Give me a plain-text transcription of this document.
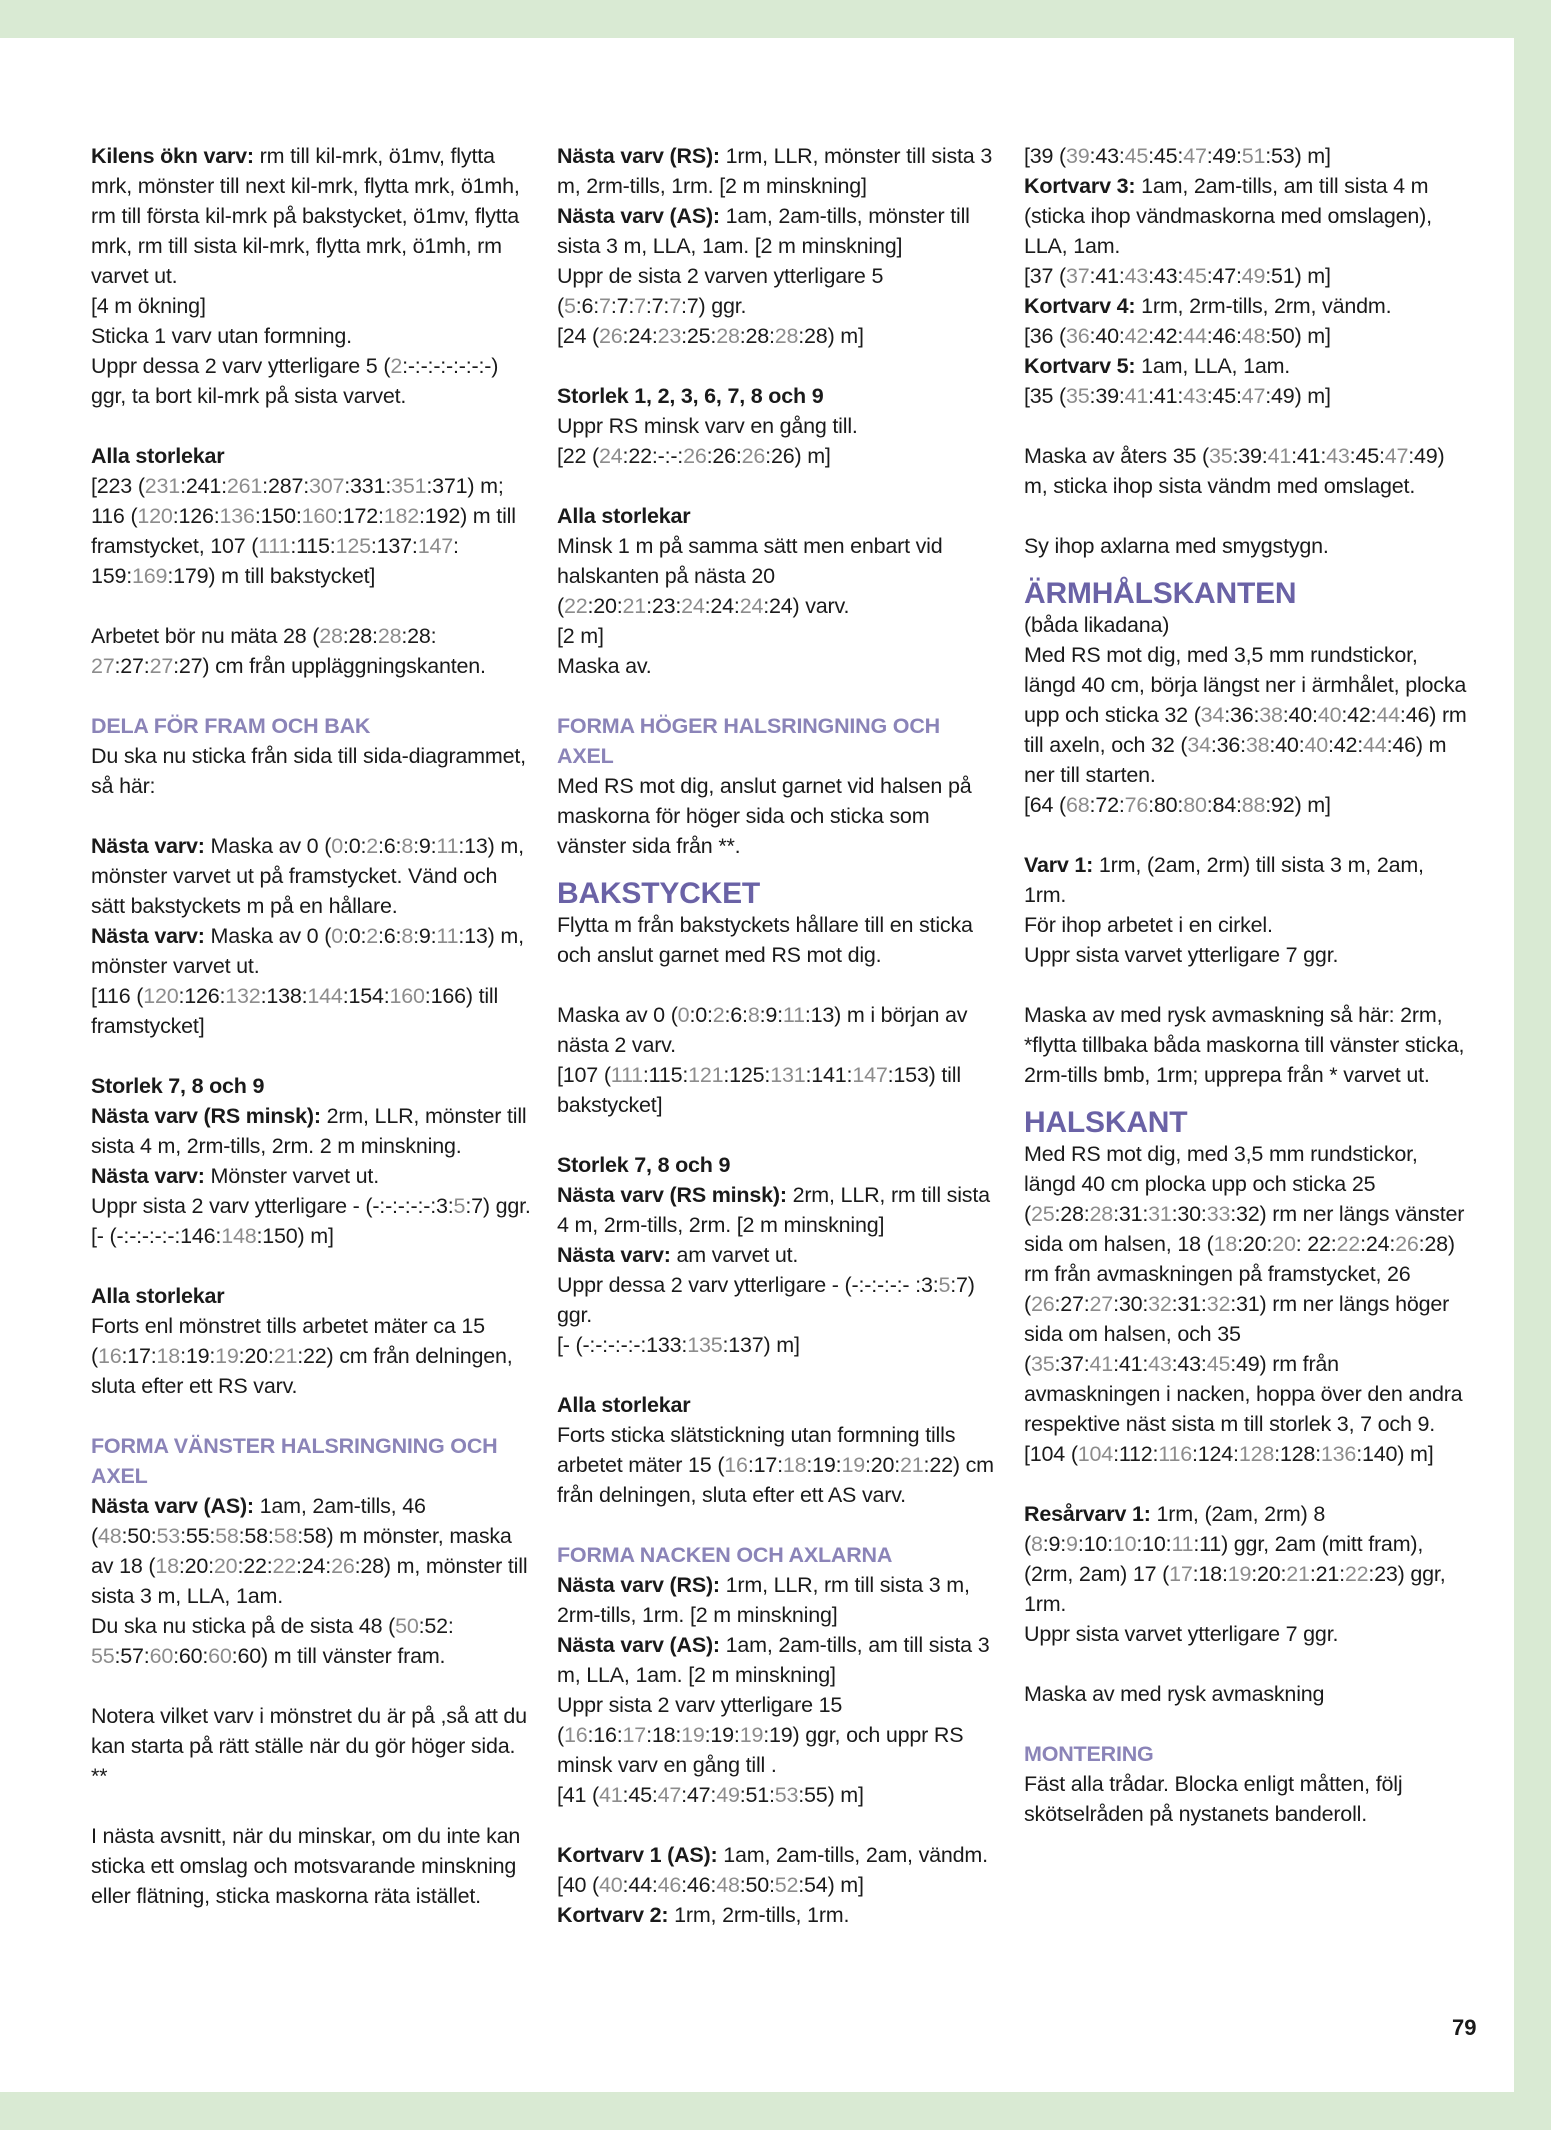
Kilens ökn varv: rm till kil-mrk, ö1mv, flytta mrk, mönster till next kil-mrk, flytta mrk, ö1mh, rm till första kil-mrk på bakstycket, ö1mv, flytta mrk, rm till sista kil-mrk, flytta mrk, ö1mh, rm varvet ut.
[4 m ökning]
Sticka 1 varv utan formning.
Uppr dessa 2 varv ytterligare 5 (2:-:-:-:-:-:-:-) ggr, ta bort kil-mrk på sista varvet.
Alla storlekar
[223 (231:241:261:287:307:331:351:371) m; 116 (120:126:136:150:160:172:182:192) m till framstycket, 107 (111:115:125:137:147: 159:169:179) m till bakstycket]
Arbetet bör nu mäta 28 (28:28:28:28: 27:27:27:27) cm från uppläggningskanten.
DELA FÖR FRAM OCH BAK
Du ska nu sticka från sida till sida-diagrammet, så här:
Nästa varv: Maska av 0 (0:0:2:6:8:9:11:13) m, mönster varvet ut på framstycket. Vänd och sätt bakstyckets m på en hållare.
Nästa varv: Maska av 0 (0:0:2:6:8:9:11:13) m, mönster varvet ut.
[116 (120:126:132:138:144:154:160:166) till framstycket]
Storlek 7, 8 och 9
Nästa varv (RS minsk): 2rm, LLR, mönster till sista 4 m, 2rm-tills, 2rm. 2 m minskning.
Nästa varv: Mönster varvet ut.
Uppr sista 2 varv ytterligare - (-:-:-:-:-:3:5:7) ggr.
[- (-:-:-:-:-:146:148:150) m]
Alla storlekar
Forts enl mönstret tills arbetet mäter ca 15 (16:17:18:19:19:20:21:22) cm från delningen, sluta efter ett RS varv.
FORMA VÄNSTER HALSRINGNING OCH AXEL
Nästa varv (AS): 1am, 2am-tills, 46 (48:50:53:55:58:58:58:58) m mönster, maska av 18 (18:20:20:22:22:24:26:28) m, mönster till sista 3 m, LLA, 1am.
Du ska nu sticka på de sista 48 (50:52: 55:57:60:60:60:60) m till vänster fram.
Notera vilket varv i mönstret du är på ,så att du kan starta på rätt ställe när du gör höger sida. **
I nästa avsnitt, när du minskar, om du inte kan sticka ett omslag och motsvarande minskning eller flätning, sticka maskorna räta istället.
Nästa varv (RS): 1rm, LLR, mönster till sista 3 m, 2rm-tills, 1rm. [2 m minskning]
Nästa varv (AS): 1am, 2am-tills, mönster till sista 3 m, LLA, 1am. [2 m minskning]
Uppr de sista 2 varven ytterligare 5 (5:6:7:7:7:7:7:7) ggr.
[24 (26:24:23:25:28:28:28:28) m]
Storlek 1, 2, 3, 6, 7, 8 och 9
Uppr RS minsk varv en gång till.
[22 (24:22:-:-:26:26:26:26) m]
Alla storlekar
Minsk 1 m på samma sätt men enbart vid halskanten på nästa 20 (22:20:21:23:24:24:24:24) varv.
[2 m]
Maska av.
FORMA HÖGER HALSRINGNING OCH AXEL
Med RS mot dig, anslut garnet vid halsen på maskorna för höger sida och sticka som vänster sida från **.
BAKSTYCKET
Flytta m från bakstyckets hållare till en sticka och anslut garnet med RS mot dig.
Maska av 0 (0:0:2:6:8:9:11:13) m i början av nästa 2 varv.
[107 (111:115:121:125:131:141:147:153) till bakstycket]
Storlek 7, 8 och 9
Nästa varv (RS minsk): 2rm, LLR, rm till sista 4 m, 2rm-tills, 2rm. [2 m minskning]
Nästa varv: am varvet ut.
Uppr dessa 2 varv ytterligare - (-:-:-:-:- :3:5:7) ggr.
[- (-:-:-:-:-:133:135:137) m]
Alla storlekar
Forts sticka slätstickning utan formning tills arbetet mäter 15 (16:17:18:19:19:20:21:22) cm från delningen, sluta efter ett AS varv.
FORMA NACKEN OCH AXLARNA
Nästa varv (RS): 1rm, LLR, rm till sista 3 m, 2rm-tills, 1rm. [2 m minskning]
Nästa varv (AS): 1am, 2am-tills, am till sista 3 m, LLA, 1am. [2 m minskning]
Uppr sista 2 varv ytterligare 15 (16:16:17:18:19:19:19:19) ggr, och uppr RS minsk varv en gång till .
[41 (41:45:47:47:49:51:53:55) m]
Kortvarv 1 (AS): 1am, 2am-tills, 2am, vändm.
[40 (40:44:46:46:48:50:52:54) m]
Kortvarv 2: 1rm, 2rm-tills, 1rm.
[39 (39:43:45:45:47:49:51:53) m]
Kortvarv 3: 1am, 2am-tills, am till sista 4 m (sticka ihop vändmaskorna med omslagen), LLA, 1am.
[37 (37:41:43:43:45:47:49:51) m]
Kortvarv 4: 1rm, 2rm-tills, 2rm, vändm.
[36 (36:40:42:42:44:46:48:50) m]
Kortvarv 5: 1am, LLA, 1am.
[35 (35:39:41:41:43:45:47:49) m]
Maska av åters 35 (35:39:41:41:43:45:47:49) m, sticka ihop sista vändm med omslaget.
Sy ihop axlarna med smygstygn.
ÄRMHÅLSKANTEN
(båda likadana)
Med RS mot dig, med 3,5 mm rundstickor, längd 40 cm, börja längst ner i ärmhålet, plocka upp och sticka 32 (34:36:38:40:40:42:44:46) rm till axeln, och 32 (34:36:38:40:40:42:44:46) m ner till starten.
[64 (68:72:76:80:80:84:88:92) m]
Varv 1: 1rm, (2am, 2rm) till sista 3 m, 2am, 1rm.
För ihop arbetet i en cirkel.
Uppr sista varvet ytterligare 7 ggr.
Maska av med rysk avmaskning så här: 2rm, *flytta tillbaka båda maskorna till vänster sticka, 2rm-tills bmb, 1rm; upprepa från * varvet ut.
HALSKANT
Med RS mot dig, med 3,5 mm rundstickor, längd 40 cm plocka upp och sticka 25 (25:28:28:31:31:30:33:32) rm ner längs vänster sida om halsen, 18 (18:20:20: 22:22:24:26:28) rm från avmaskningen på framstycket, 26 (26:27:27:30:32:31:32:31) rm ner längs höger sida om halsen, och 35 (35:37:41:41:43:43:45:49) rm från avmaskningen i nacken, hoppa över den andra respektive näst sista m till storlek 3, 7 och 9.
[104 (104:112:116:124:128:128:136:140) m]
Resårvarv 1: 1rm, (2am, 2rm) 8 (8:9:9:10:10:10:11:11) ggr, 2am (mitt fram), (2rm, 2am) 17 (17:18:19:20:21:21:22:23) ggr, 1rm.
Uppr sista varvet ytterligare 7 ggr.
Maska av med rysk avmaskning
MONTERING
Fäst alla trådar. Blocka enligt måtten, följ skötselråden på nystanets banderoll.
79
